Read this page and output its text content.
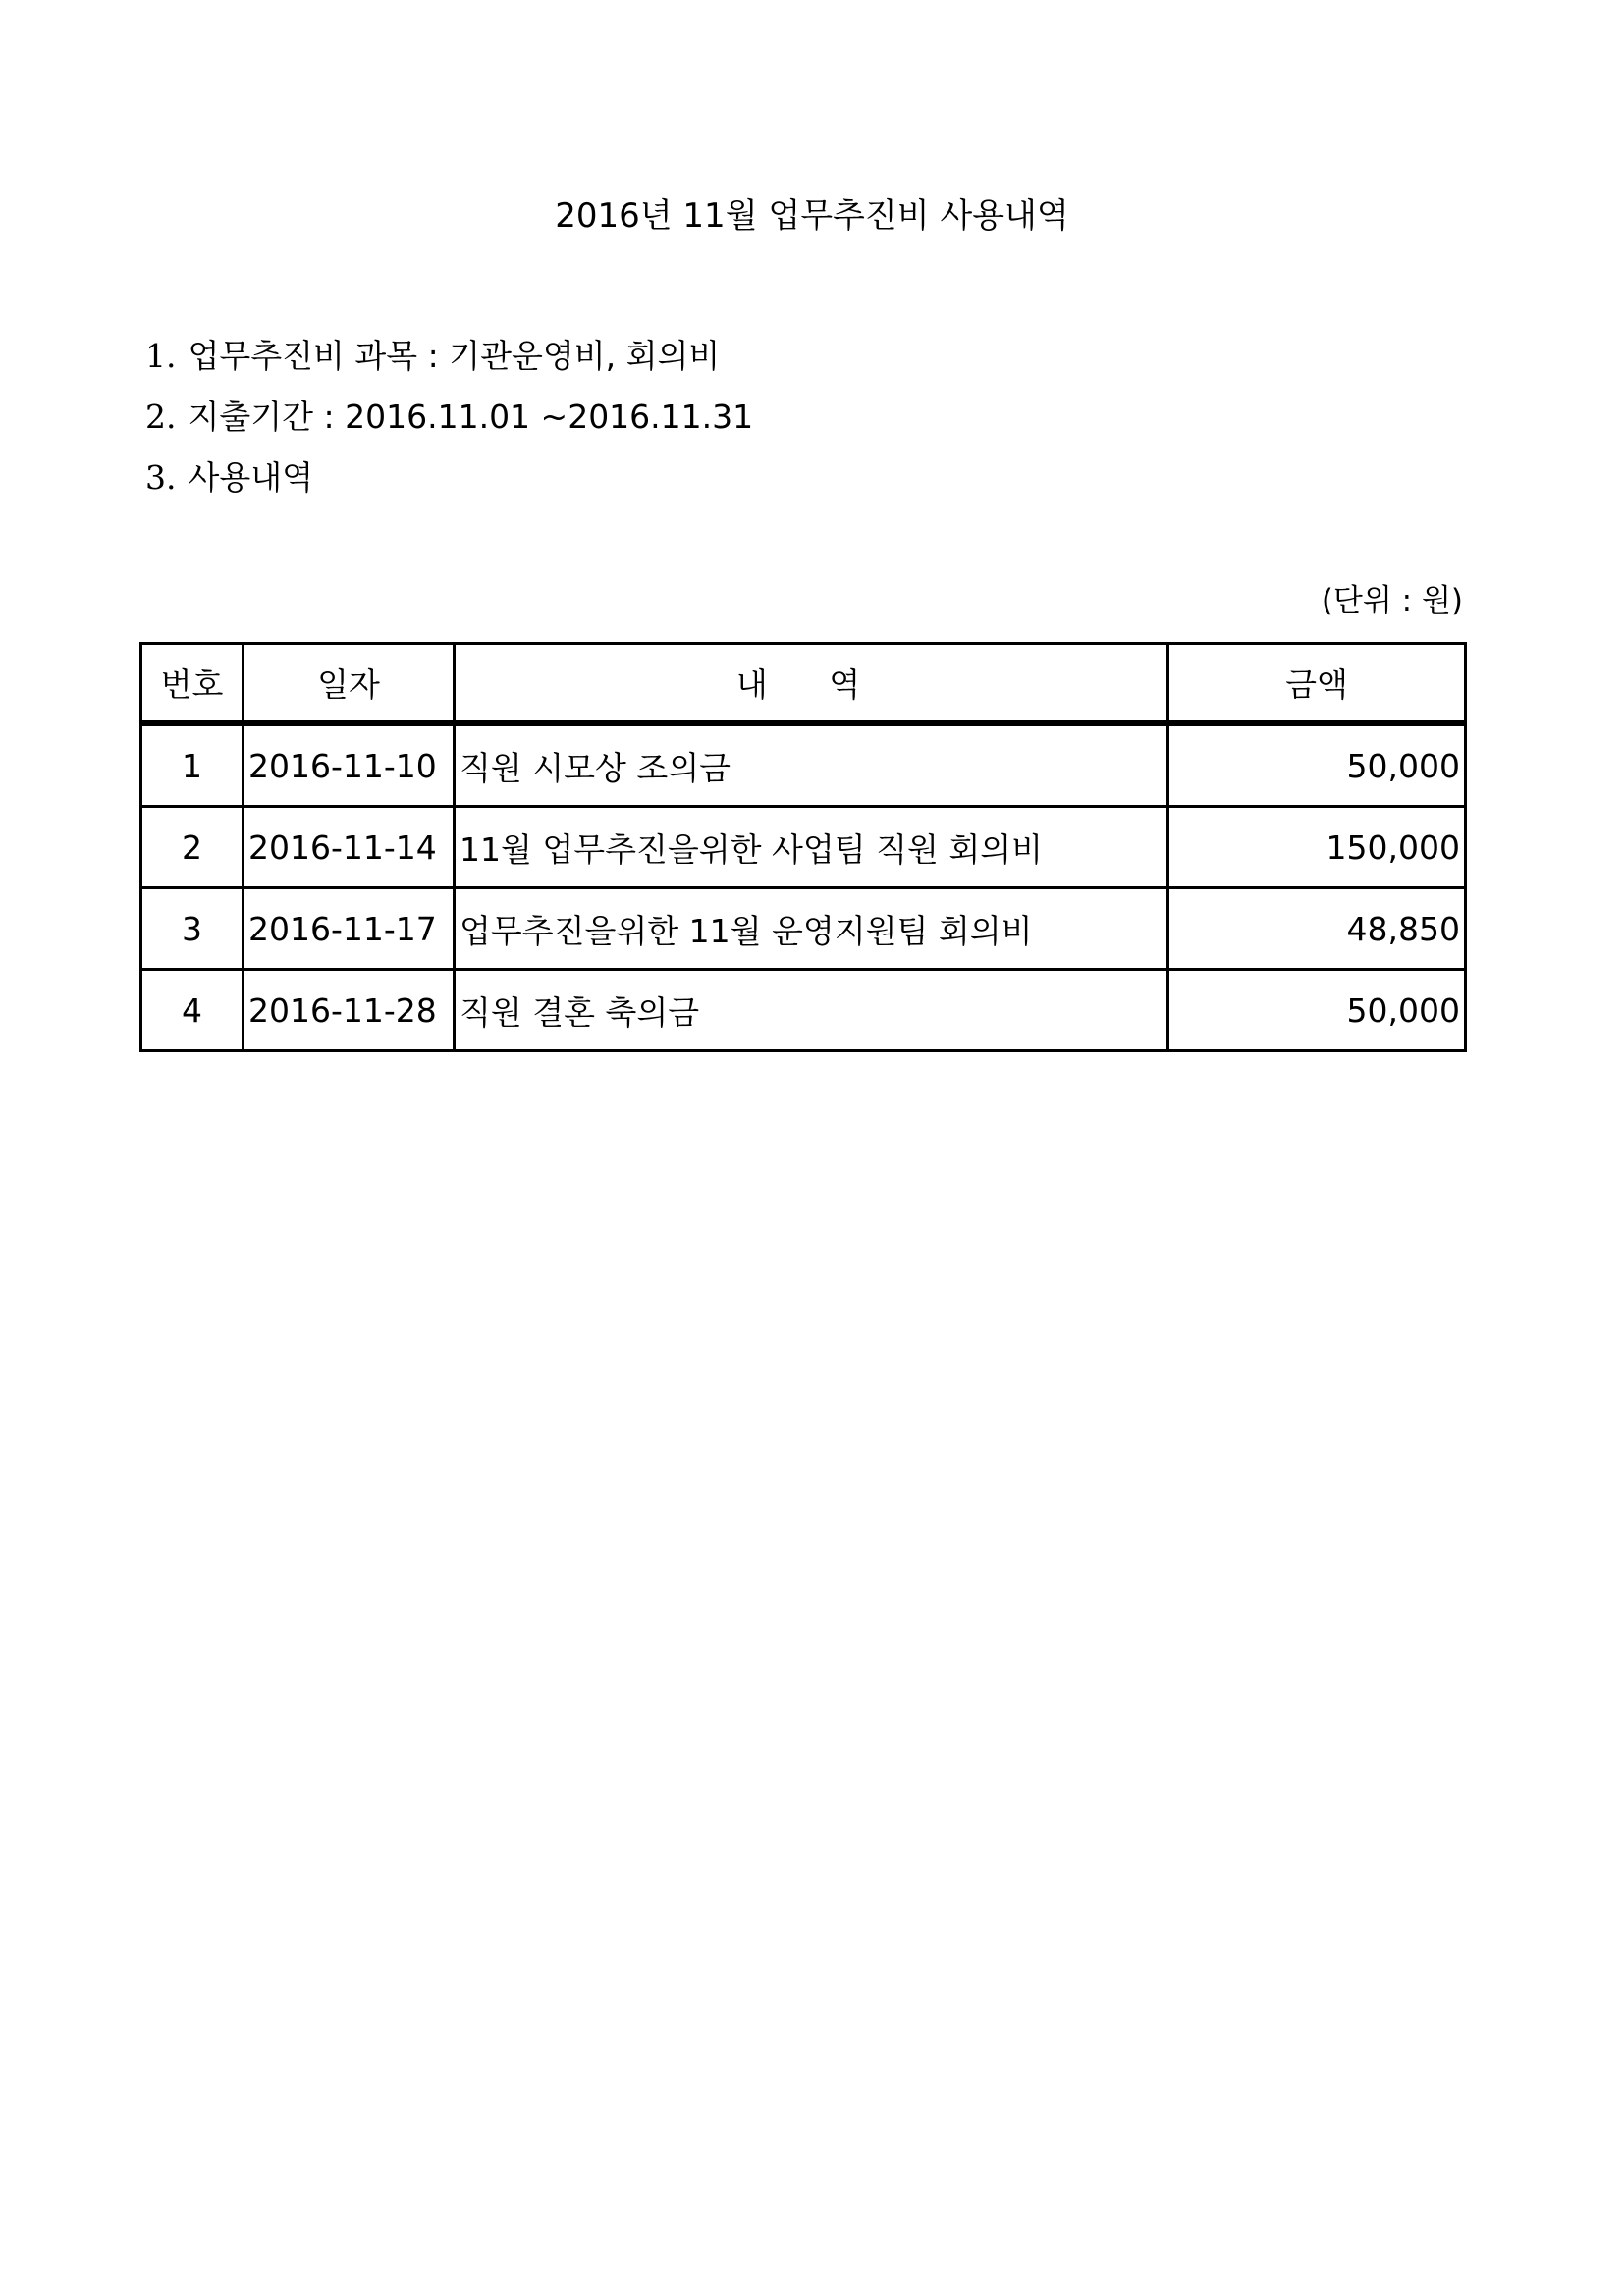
2016년 11월 업무추진비 사용내역
1. 업무추진비 과목 : 기관운영비, 회의비
2. 지출기간 : 2016.11.01 ~2016.11.31
3. 사용내역
(단위 : 원)
번호	일자	내 역	금액
1	2016-11-10	직원 시모상 조의금	50,000
2	2016-11-14	11월 업무추진을위한 사업팀 직원 회의비	150,000
3	2016-11-17	업무추진을위한 11월 운영지원팀 회의비	48,850
4	2016-11-28	직원 결혼 축의금	50,000
